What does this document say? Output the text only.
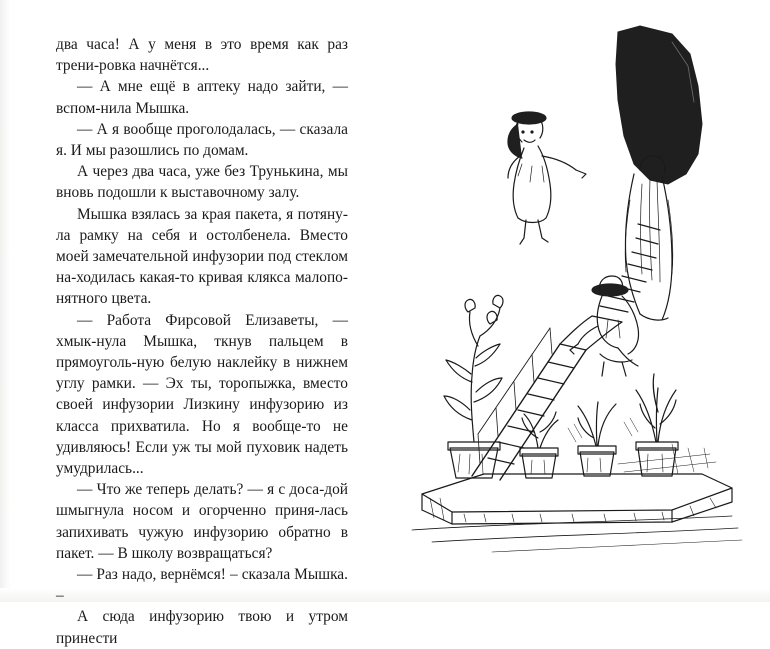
два часа! А у меня в это время как раз трени-ровка начнётся...

— А мне ещё в аптеку надо зайти, — вспом-нила Мышка.

— А я вообще проголодалась, — сказала я. И мы разошлись по домам.

А через два часа, уже без Трунькина, мы вновь подошли к выставочному залу.

Мышка взялась за края пакета, я потяну-ла рамку на себя и остолбенела. Вместо моей замечательной инфузории под стеклом на-ходилась какая-то кривая клякса малопо-нятного цвета.

— Работа Фирсовой Елизаветы, — хмык-нула Мышка, ткнув пальцем в прямоуголь-ную белую наклейку в нижнем углу рамки. — Эх ты, торопыжка, вместо своей инфузории Лизкину инфузорию из класса прихватила. Но я вообще-то не удивляюсь! Если уж ты мой пуховик надеть умудрилась...

— Что же теперь делать? — я с доса-дой шмыгнула носом и огорченно приня-лась запихивать чужую инфузорию обратно в пакет. — В школу возвращаться?

— Раз надо, вернёмся! – сказала Мышка. –

А сюда инфузорию твою и утром принести
